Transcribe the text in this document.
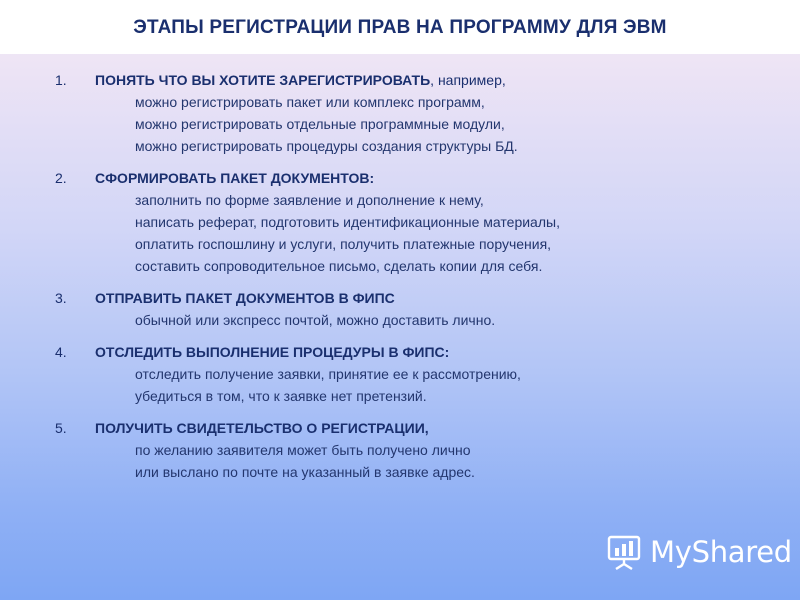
ЭТАПЫ РЕГИСТРАЦИИ ПРАВ НА ПРОГРАММУ ДЛЯ ЭВМ
1.	ПОНЯТЬ ЧТО ВЫ ХОТИТЕ ЗАРЕГИСТРИРОВАТЬ, например,
можно регистрировать пакет или комплекс программ,
можно регистрировать отдельные программные модули,
можно регистрировать процедуры создания структуры БД.
2.	СФОРМИРОВАТЬ ПАКЕТ ДОКУМЕНТОВ:
заполнить по форме заявление и дополнение к нему,
написать реферат, подготовить идентификационные материалы,
оплатить госпошлину и услуги, получить платежные поручения,
составить сопроводительное письмо, сделать копии для себя.
3.	ОТПРАВИТЬ ПАКЕТ ДОКУМЕНТОВ В ФИПС
обычной или экспресс почтой, можно доставить лично.
4.	ОТСЛЕДИТЬ ВЫПОЛНЕНИЕ ПРОЦЕДУРЫ В ФИПС:
отследить получение заявки, принятие ее к рассмотрению,
убедиться в том, что к заявке нет претензий.
5.	ПОЛУЧИТЬ СВИДЕТЕЛЬСТВО О РЕГИСТРАЦИИ,
по желанию заявителя может быть получено лично
или выслано по почте на указанный в заявке адрес.
MyShared
